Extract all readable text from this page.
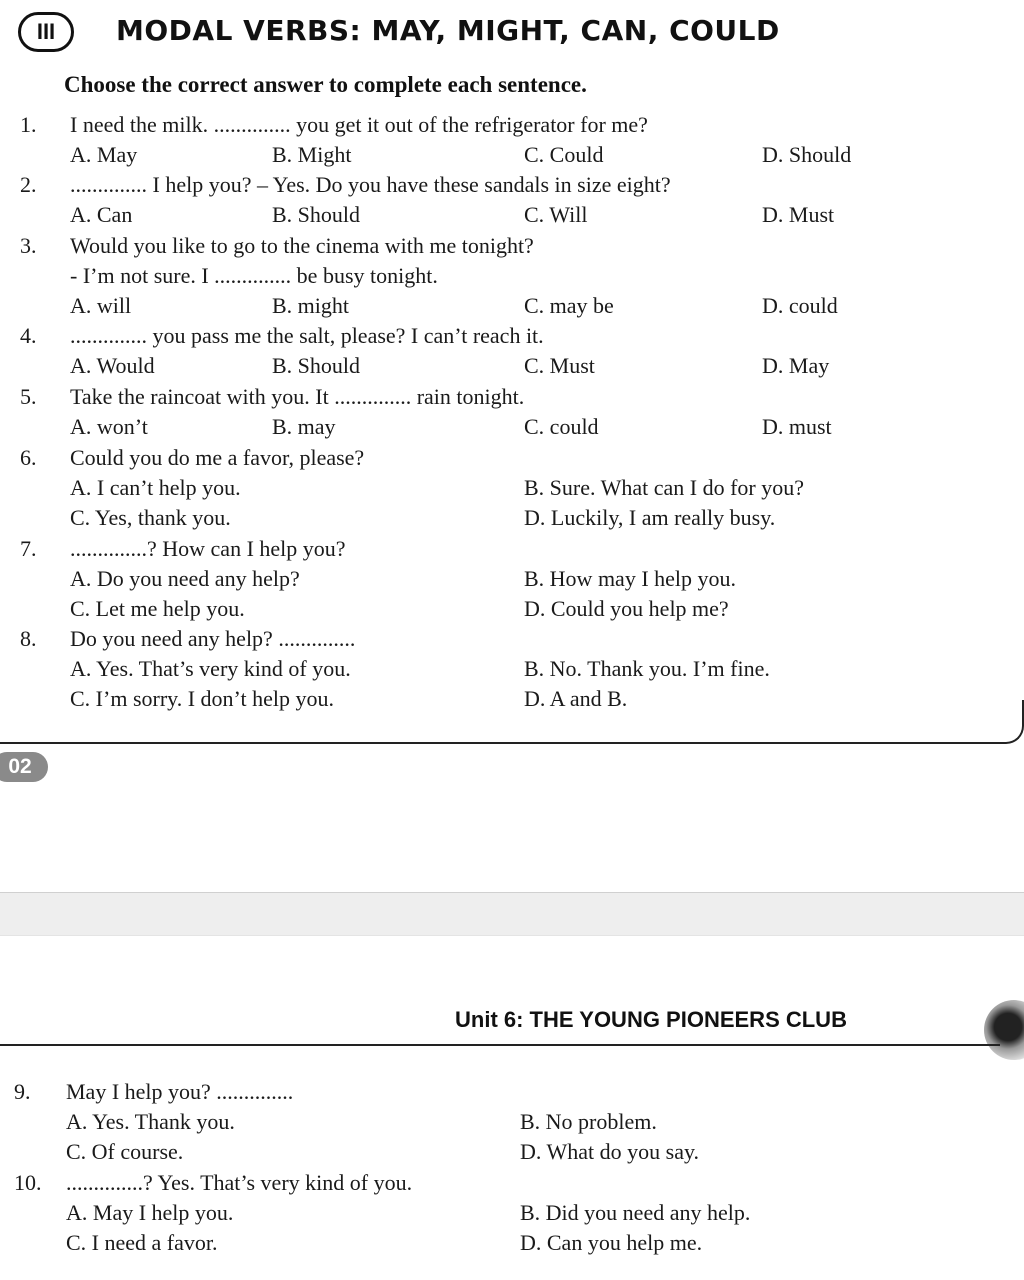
III	MODAL VERBS: MAY, MIGHT, CAN, COULD
Choose the correct answer to complete each sentence.
1. I need the milk. .............. you get it out of the refrigerator for me?
A. May	B. Might	C. Could	D. Should
2. .............. I help you? – Yes. Do you have these sandals in size eight?
A. Can	B. Should	C. Will	D. Must
3. Would you like to go to the cinema with me tonight?
- I’m not sure. I .............. be busy tonight.
A. will	B. might	C. may be	D. could
4. .............. you pass me the salt, please? I can’t reach it.
A. Would	B. Should	C. Must	D. May
5. Take the raincoat with you. It .............. rain tonight.
A. won’t	B. may	C. could	D. must
6. Could you do me a favor, please?
A. I can’t help you.	B. Sure. What can I do for you?
C. Yes, thank you.	D. Luckily, I am really busy.
7. ..............? How can I help you?
A. Do you need any help?	B. How may I help you.
C. Let me help you.	D. Could you help me?
8. Do you need any help? ..............
A. Yes. That’s very kind of you.	B. No. Thank you. I’m fine.
C. I’m sorry. I don’t help you.	D. A and B.
02
Unit 6: THE YOUNG PIONEERS CLUB
9. May I help you? ..............
A. Yes. Thank you.	B. No problem.
C. Of course.	D. What do you say.
10. ..............? Yes. That’s very kind of you.
A. May I help you.	B. Did you need any help.
C. I need a favor.	D. Can you help me.
